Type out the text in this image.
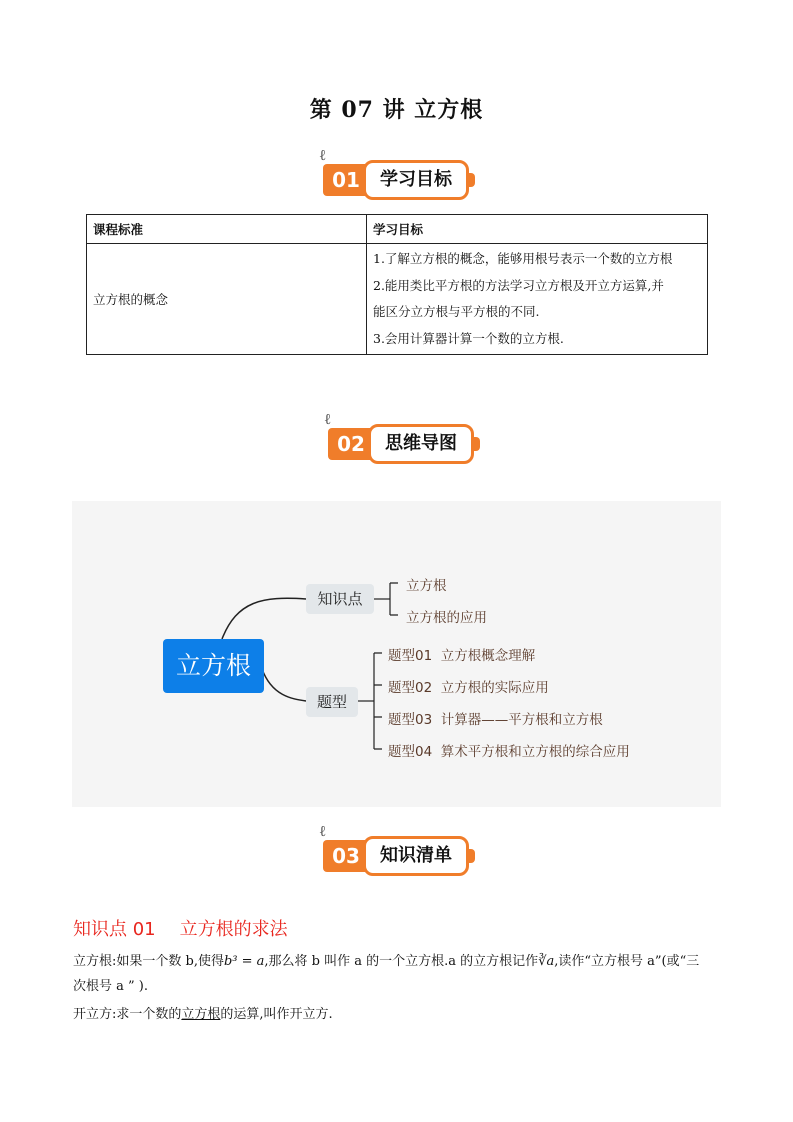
第 07 讲 立方根
ℓ
01	学习目标
课程标准	学习目标
立方根的概念	1.了解立方根的概念，能够用根号表示一个数的立方根
2.能用类比平方根的方法学习立方根及开立方运算,并
能区分立方根与平方根的不同.
3.会用计算器计算一个数的立方根.
ℓ
02	思维导图
立方根
知识点
题型
立方根
立方根的应用
题型01  立方根概念理解
题型02  立方根的实际应用
题型03  计算器——平方根和立方根
题型04  算术平方根和立方根的综合应用
ℓ
03	知识清单
知识点 01 立方根的求法
立方根:如果一个数 b,使得b³ = a,那么将 b 叫作 a 的一个立方根.a 的立方根记作∛a,读作“立方根号 a”(或“三
次根号 a ” ).
开立方:求一个数的立方根的运算,叫作开立方.
